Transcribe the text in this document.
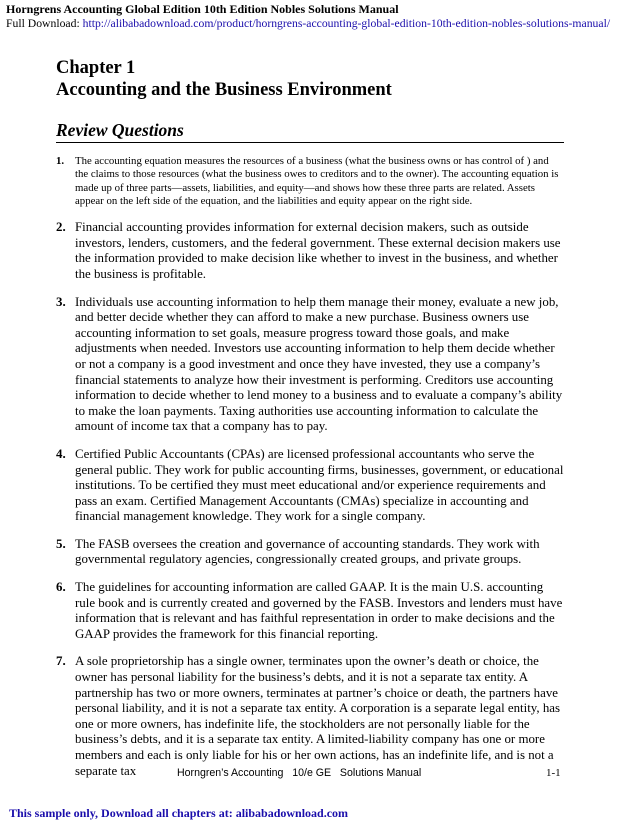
Horngrens Accounting Global Edition 10th Edition Nobles Solutions Manual
Full Download: http://alibabadownload.com/product/horngrens-accounting-global-edition-10th-edition-nobles-solutions-manual/
Chapter 1
Accounting and the Business Environment
Review Questions
1. The accounting equation measures the resources of a business (what the business owns or has control of ) and the claims to those resources (what the business owes to creditors and to the owner). The accounting equation is made up of three parts—assets, liabilities, and equity—and shows how these three parts are related. Assets appear on the left side of the equation, and the liabilities and equity appear on the right side.

2. Financial accounting provides information for external decision makers, such as outside investors, lenders, customers, and the federal government. These external decision makers use the information provided to make decision like whether to invest in the business, and whether the business is profitable.

3. Individuals use accounting information to help them manage their money, evaluate a new job, and better decide whether they can afford to make a new purchase. Business owners use accounting information to set goals, measure progress toward those goals, and make adjustments when needed. Investors use accounting information to help them decide whether or not a company is a good investment and once they have invested, they use a company’s financial statements to analyze how their investment is performing. Creditors use accounting information to decide whether to lend money to a business and to evaluate a company’s ability to make the loan payments. Taxing authorities use accounting information to calculate the amount of income tax that a company has to pay.

4. Certified Public Accountants (CPAs) are licensed professional accountants who serve the general public. They work for public accounting firms, businesses, government, or educational institutions. To be certified they must meet educational and/or experience requirements and pass an exam. Certified Management Accountants (CMAs) specialize in accounting and financial management knowledge. They work for a single company.

5. The FASB oversees the creation and governance of accounting standards. They work with governmental regulatory agencies, congressionally created groups, and private groups.

6. The guidelines for accounting information are called GAAP. It is the main U.S. accounting rule book and is currently created and governed by the FASB. Investors and lenders must have information that is relevant and has faithful representation in order to make decisions and the GAAP provides the framework for this financial reporting.

7. A sole proprietorship has a single owner, terminates upon the owner’s death or choice, the owner has personal liability for the business’s debts, and it is not a separate tax entity. A partnership has two or more owners, terminates at partner’s choice or death, the partners have personal liability, and it is not a separate tax entity. A corporation is a separate legal entity, has one or more owners, has indefinite life, the stockholders are not personally liable for the business’s debts, and it is a separate tax entity. A limited-liability company has one or more members and each is only liable for his or her own actions, has an indefinite life, and is not a separate tax	Horngren’s Accounting   10/e GE   Solutions Manual	1-1
This sample only, Download all chapters at: alibabadownload.com
